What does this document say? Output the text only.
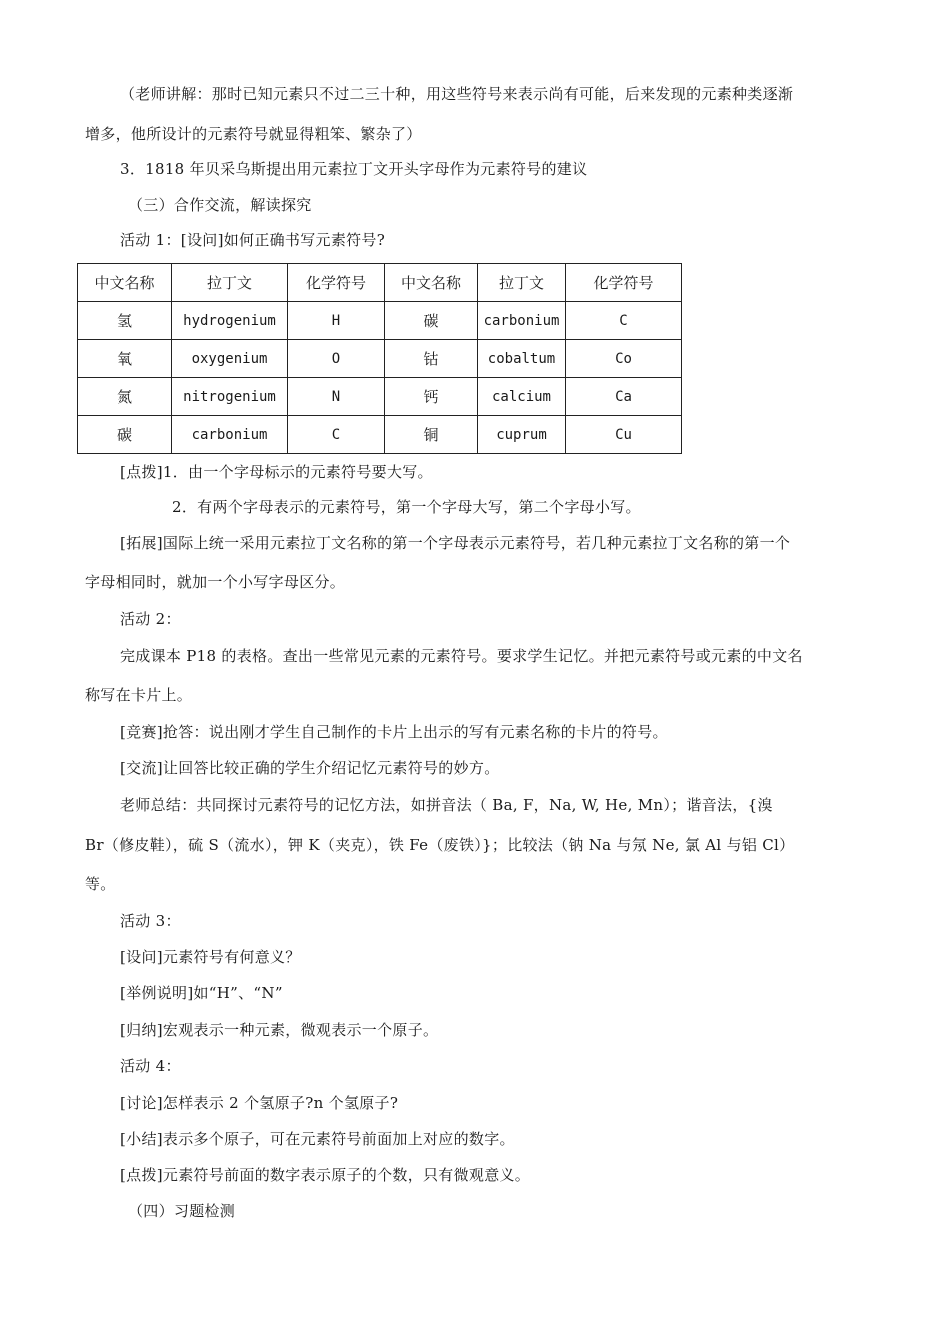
（老师讲解：那时已知元素只不过二三十种，用这些符号来表示尚有可能，后来发现的元素种类逐渐
增多，他所设计的元素符号就显得粗笨、繁杂了）
3．1818 年贝采乌斯提出用元素拉丁文开头字母作为元素符号的建议
（三）合作交流，解读探究
活动 1：[设问]如何正确书写元素符号?
中文名称	拉丁文	化学符号	中文名称	拉丁文	化学符号
氢	hydrogenium	H	碳	carbonium	C
氧	oxygenium	O	钴	cobaltum	Co
氮	nitrogenium	N	钙	calcium	Ca
碳	carbonium	C	铜	cuprum	Cu
[点拨]1．由一个字母标示的元素符号要大写。
2．有两个字母表示的元素符号，第一个字母大写，第二个字母小写。
[拓展]国际上统一采用元素拉丁文名称的第一个字母表示元素符号，若几种元素拉丁文名称的第一个
字母相同时，就加一个小写字母区分。
活动 2：
完成课本 P18 的表格。查出一些常见元素的元素符号。要求学生记忆。并把元素符号或元素的中文名
称写在卡片上。
[竞赛]抢答：说出刚才学生自己制作的卡片上出示的写有元素名称的卡片的符号。
[交流]让回答比较正确的学生介绍记忆元素符号的妙方。
老师总结：共同探讨元素符号的记忆方法，如拼音法（ Ba, F，Na, W, He, Mn）；谐音法，{溴
Br（修皮鞋），硫 S（流水），钾 K（夹克），铁 Fe（废铁）}；比较法（钠 Na 与氖 Ne, 氯 Al 与铝 Cl）
等。
活动 3：
[设问]元素符号有何意义？
[举例说明]如“H”、“N”
[归纳]宏观表示一种元素，微观表示一个原子。
活动 4：
[讨论]怎样表示 2 个氢原子?n 个氢原子?
[小结]表示多个原子，可在元素符号前面加上对应的数字。
[点拨]元素符号前面的数字表示原子的个数，只有微观意义。
（四）习题检测
